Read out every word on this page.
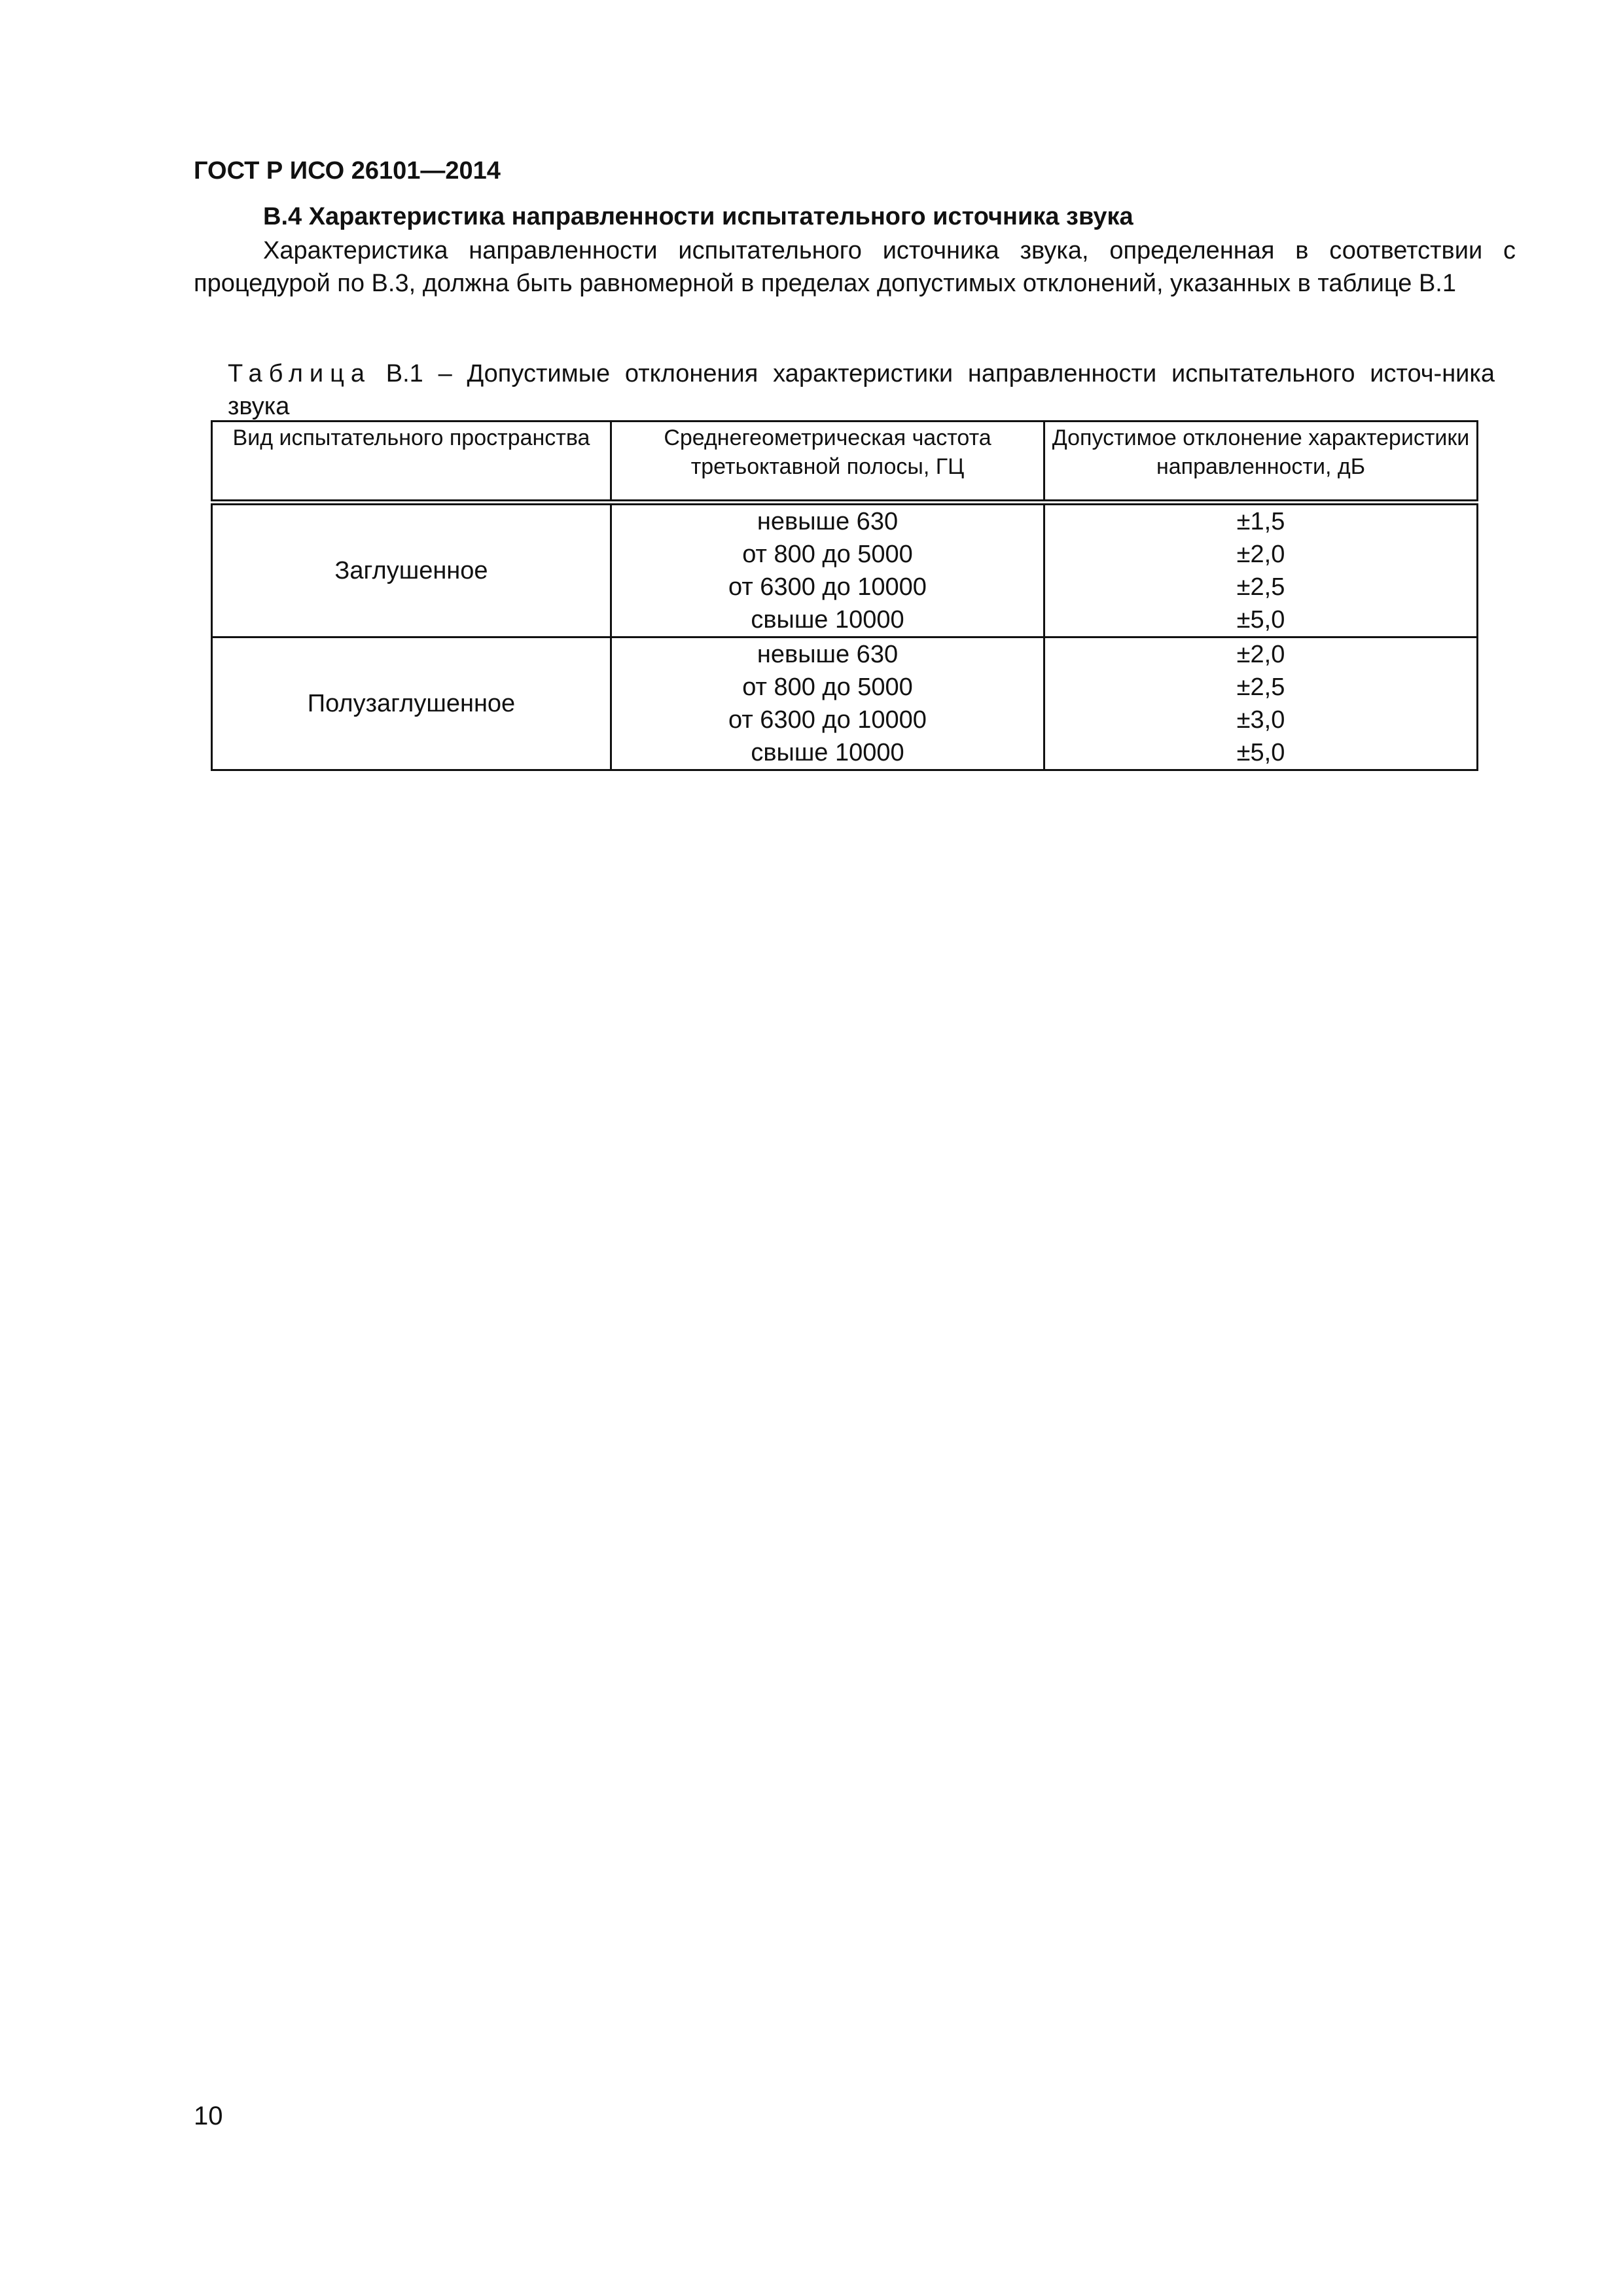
ГОСТ Р ИСО 26101—2014
В.4 Характеристика направленности испытательного источника звука

Характеристика направленности испытательного источника звука, определенная в соответствии с процедурой по В.3, должна быть равномерной в пределах допустимых отклонений, указанных в таблице В.1

Таблица В.1 – Допустимые отклонения характеристики направленности испытательного источ-ника звука

Вид испытательного пространства	Среднегеометрическая частота третьоктавной полосы, ГЦ	Допустимое отклонение характеристики направленности, дБ
Заглушенное	невыше 630	±1,5
	от 800 до 5000	±2,0
	от 6300 до 10000	±2,5
	свыше 10000	±5,0
Полузаглушенное	невыше 630	±2,0
	от 800 до 5000	±2,5
	от 6300 до 10000	±3,0
	свыше 10000	±5,0
10
